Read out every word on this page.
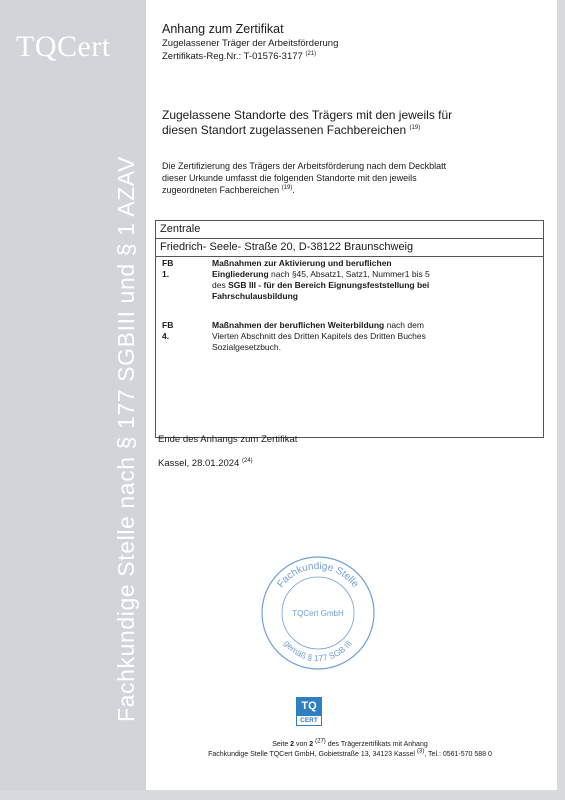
TQCert
Fachkundige Stelle nach § 177 SGBIII und § 1 AZAV
Anhang zum Zertifikat
Zugelassener Träger der Arbeitsförderung
Zertifikats-Reg.Nr.: T-01576-3177 $^{(21)}$
Zugelassene Standorte des Trägers mit den jeweils für
diesen Standort zugelassenen Fachbereichen $^{(19)}$
Die Zertifizierung des Trägers der Arbeitsförderung nach dem Deckblatt
dieser Urkunde umfasst die folgenden Standorte mit den jeweils
zugeordneten Fachbereichen $^{(19)}$.
Zentrale
Friedrich- Seele- Straße 20, D-38122 Braunschweig
FB 1.
Maßnahmen zur Aktivierung und beruflichen
Eingliederung nach §45, Absatz1, Satz1, Nummer1 bis 5
des SGB III - für den Bereich Eignungsfeststellung bei
Fahrschulausbildung
FB 4.
Maßnahmen der beruflichen Weiterbildung nach dem
Vierten Abschnitt des Dritten Kapitels des Dritten Buches
Sozialgesetzbuch.
Ende des Anhangs zum Zertifikat
Kassel, 28.01.2024 $^{(24)}$
Fachkundige Stelle
TQCert GmbH
gemäß § 177 SGB III
TQ
CERT
Seite 2 von 2 $^{(27)}$ des Trägerzertifikats mit Anhang
Fachkundige Stelle TQCert GmbH, Gobietstraße 13, 34123 Kassel $^{(3)}$, Tel.: 0561-570 588 0
